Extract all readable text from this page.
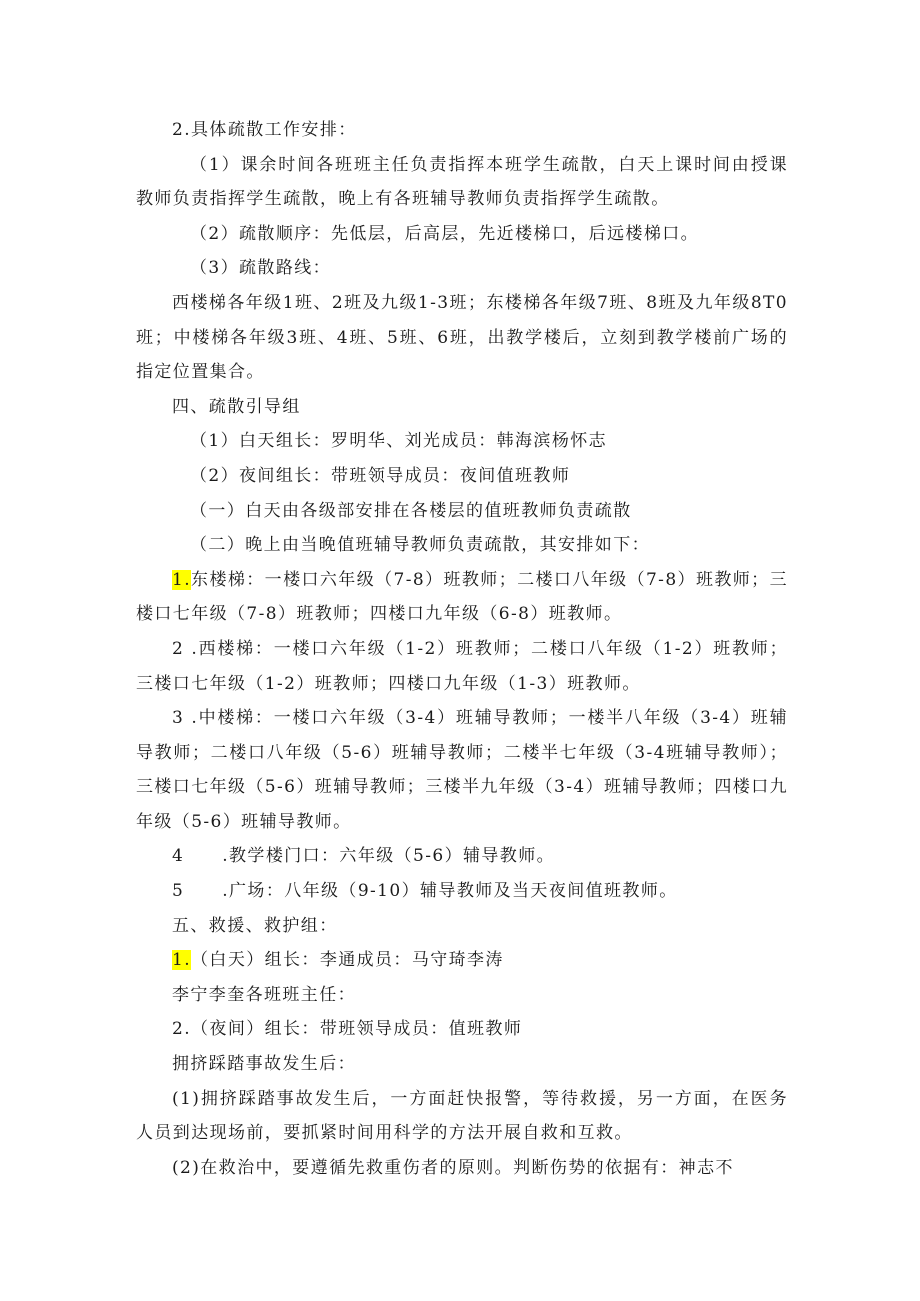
2.具体疏散工作安排：

（1）课余时间各班班主任负责指挥本班学生疏散，白天上课时间由授课教师负责指挥学生疏散，晚上有各班辅导教师负责指挥学生疏散。

（2）疏散顺序：先低层，后高层，先近楼梯口，后远楼梯口。

（3）疏散路线：

西楼梯各年级1班、2班及九级1-3班；东楼梯各年级7班、8班及九年级8T0班；中楼梯各年级3班、4班、5班、6班，出教学楼后，立刻到教学楼前广场的指定位置集合。

四、疏散引导组

（1）白天组长：罗明华、刘光成员：韩海滨杨怀志

（2）夜间组长：带班领导成员：夜间值班教师

（一）白天由各级部安排在各楼层的值班教师负责疏散

（二）晚上由当晚值班辅导教师负责疏散，其安排如下：

1.东楼梯：一楼口六年级（7-8）班教师；二楼口八年级（7-8）班教师；三楼口七年级（7-8）班教师；四楼口九年级（6-8）班教师。

2 .西楼梯：一楼口六年级（1-2）班教师；二楼口八年级（1-2）班教师；三楼口七年级（1-2）班教师；四楼口九年级（1-3）班教师。

3 .中楼梯：一楼口六年级（3-4）班辅导教师；一楼半八年级（3-4）班辅导教师；二楼口八年级（5-6）班辅导教师；二楼半七年级（3-4班辅导教师）；三楼口七年级（5-6）班辅导教师；三楼半九年级（3-4）班辅导教师；四楼口九年级（5-6）班辅导教师。

4 .教学楼门口：六年级（5-6）辅导教师。

5 .广场：八年级（9-10）辅导教师及当天夜间值班教师。

五、救援、救护组：

1.（白天）组长：李通成员：马守琦李涛

李宁李奎各班班主任：

2.（夜间）组长：带班领导成员：值班教师

拥挤踩踏事故发生后：

(1)拥挤踩踏事故发生后，一方面赶快报警，等待救援，另一方面，在医务人员到达现场前，要抓紧时间用科学的方法开展自救和互救。

(2)在救治中，要遵循先救重伤者的原则。判断伤势的依据有：神志不
